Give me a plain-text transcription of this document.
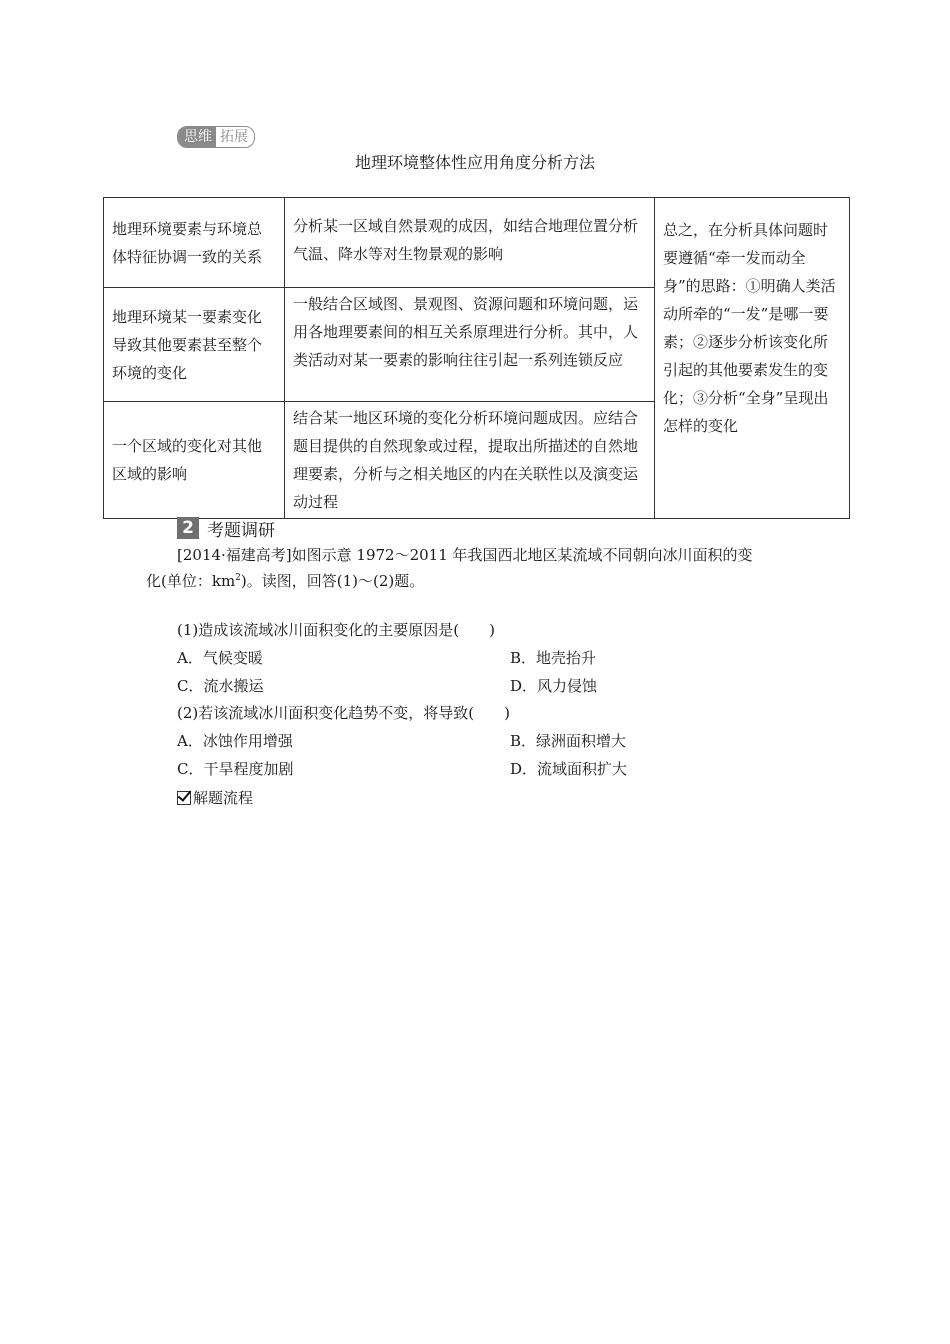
思维 拓展
地理环境整体性应用角度分析方法
地理环境要素与环境总体特征协调一致的关系	分析某一区域自然景观的成因，如结合地理位置分析气温、降水等对生物景观的影响	总之，在分析具体问题时要遵循“牵一发而动全身”的思路：①明确人类活动所牵的“一发”是哪一要素；②逐步分析该变化所引起的其他要素发生的变化；③分析“全身”呈现出怎样的变化
地理环境某一要素变化导致其他要素甚至整个环境的变化	一般结合区域图、景观图、资源问题和环境问题，运用各地理要素间的相互关系原理进行分析。其中，人类活动对某一要素的影响往往引起一系列连锁反应	
一个区域的变化对其他区域的影响	结合某一地区环境的变化分析环境问题成因。应结合题目提供的自然现象或过程，提取出所描述的自然地理要素，分析与之相关地区的内在关联性以及演变运动过程	
2 考题调研
[2014·福建高考]如图示意 1972～2011 年我国西北地区某流域不同朝向冰川面积的变
化(单位：$km^2$)。读图，回答(1)～(2)题。
(1)造成该流域冰川面积变化的主要原因是(　　)
A．气候变暖	B．地壳抬升
C．流水搬运	D．风力侵蚀
(2)若该流域冰川面积变化趋势不变，将导致(　　)
A．冰蚀作用增强	B．绿洲面积增大
C．干旱程度加剧	D．流域面积扩大
解题流程
